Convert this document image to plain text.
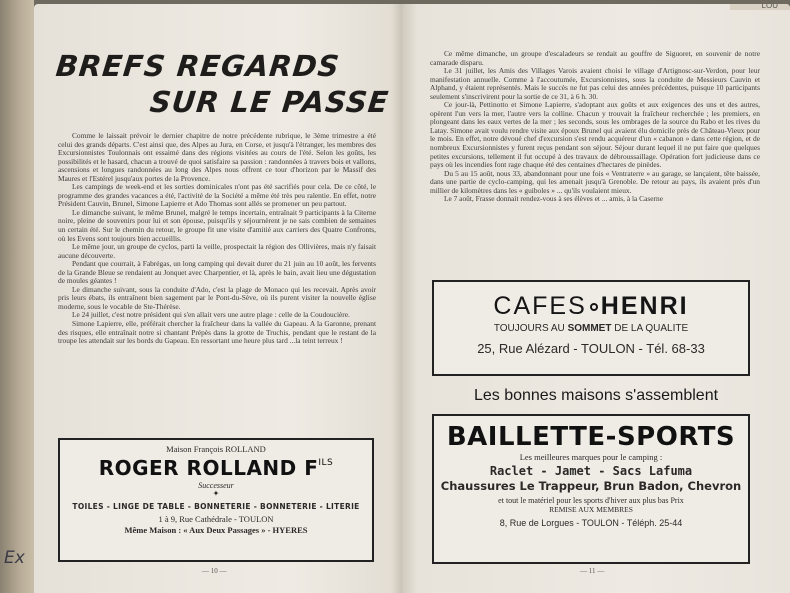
Ex
BREFS REGARDS
SUR LE PASSE

Comme le laissait prévoir le dernier chapitre de notre précédente rubrique, le 3ème trimestre a été celui des grands départs. C'est ainsi que, des Alpes au Jura, en Corse, et jusqu'à l'étranger, les membres des Excursionnistes Toulonnais ont essaimé dans des régions visitées au cours de l'été. Selon les goûts, les possibilités et le hasard, chacun a trouvé de quoi satisfaire sa passion : randonnées à travers bois et vallons, ascensions et longues randonnées au long des Alpes nous offrent ce tour d'horizon par le Massif des Maures et l'Estérel jusqu'aux portes de la Provence.

Les campings de week-end et les sorties dominicales n'ont pas été sacrifiés pour cela. De ce côté, le programme des grandes vacances a été, l'activité de la Société a même été très peu ralentie. En effet, notre Président Cauvin, Brunel, Simone Lapierre et Ado Thomas sont allés se promener un peu partout.

Le dimanche suivant, le même Brunel, malgré le temps incertain, entraînait 9 participants à la Citerne noire, pleine de souvenirs pour lui et son épouse, puisqu'ils y séjournèrent je ne sais combien de semaines un certain été. Sur le chemin du retour, le groupe fit une visite d'amitié aux carriers des Quatre Confronts, où les Evens sont toujours bien accueillis.

Le même jour, un groupe de cyclos, parti la veille, prospectait la région des Ollivières, mais n'y faisait aucune découverte.

Pendant que courrait, à Fabrégas, un long camping qui devait durer du 21 juin au 10 août, les fervents de la Grande Bleue se rendaient au Jonquet avec Charpentier, et là, après le bain, avait lieu une dégustation de moules géantes !

Le dimanche suivant, sous la conduite d'Ado, c'est la plage de Monaco qui les recevait. Après avoir pris leurs ébats, ils entraînent bien sagement par le Pont-du-Sève, où ils purent visiter la nouvelle église moderne, sous le vocable de Ste-Thérèse.

Le 24 juillet, c'est notre président qui s'en allait vers une autre plage : celle de la Coudoucière.

Simone Lapierre, elle, préférait chercher la fraîcheur dans la vallée du Gapeau. A la Garonne, prenant des risques, elle entraînait notre si chantant Prépès dans la grotte de Truchis, pendant que le restant de la troupe les attendait sur les bords du Gapeau. En ressortant une heure plus tard ...la teint terreux !

Maison François ROLLAND
ROGER ROLLAND $F^{ILS}$
Successeur
✦
TOILES - LINGE DE TABLE - BONNETERIE - BONNETERIE - LITERIE
1 à 9, Rue Cathédrale - TOULON
Même Maison : « Aux Deux Passages » - HYERES
— 10 —
LOU

Ce même dimanche, un groupe d'escaladeurs se rendait au gouffre de Siguoret, en souvenir de notre camarade disparu.

Le 31 juillet, les Amis des Villages Varois avaient choisi le village d'Artignosc-sur-Verdon, pour leur manifestation annuelle. Comme à l'accoutumée, Excursionnistes, sous la conduite de Messieurs Cauvin et Alphand, y étaient représentés. Mais le succès ne fut pas celui des années précédentes, puisque 10 participants seulement s'inscrivirent pour la sortie de ce 31, à 6 h. 30.

Ce jour-là, Pettinotto et Simone Lapierre, s'adoptant aux goûts et aux exigences des uns et des autres, opèrent l'un vers la mer, l'autre vers la colline. Chacun y trouvait la fraîcheur recherchée ; les premiers, en plongeant dans les eaux vertes de la mer ; les seconds, sous les ombrages de la source du Rabo et les rives du Latay. Simone avait voulu rendre visite aux époux Brunel qui avaient élu domicile près de Château-Vieux pour le mois. En effet, notre dévoué chef d'excursion s'est rendu acquéreur d'un « cabanon » dans cette région, et de nombreux Excursionnistes y furent reçus pendant son séjour. Séjour durant lequel il ne put faire que quelques petites excursions, tellement il fut occupé à des travaux de débroussaillage. Opération fort judicieuse dans ce pays où les incendies font rage chaque été des centaines d'hectares de pinèdes.

Du 5 au 15 août, nous 33, abandonnant pour une fois « Ventraterre » au garage, se lançaient, tête baissée, dans une partie de cyclo-camping, qui les amenait jusqu'à Grenoble. De retour au pays, ils avaient près d'un millier de kilomètres dans les « guiboles » ... qu'ils voulaient mieux.

Le 7 août, Frasse donnait rendez-vous à ses élèves et ... amis, à la Caserne

CAFES HENRI
TOUJOURS AU SOMMET DE LA QUALITE
25, Rue Alézard - TOULON - Tél. 68-33
Les bonnes maisons s'assemblent
BAILLETTE-SPORTS
Les meilleures marques pour le camping :
Raclet - Jamet - Sacs Lafuma
Chaussures Le Trappeur, Brun Badon, Chevron
et tout le matériel pour les sports d'hiver aux plus bas Prix
REMISE AUX MEMBRES
8, Rue de Lorgues - TOULON - Téléph. 25-44
— 11 —
